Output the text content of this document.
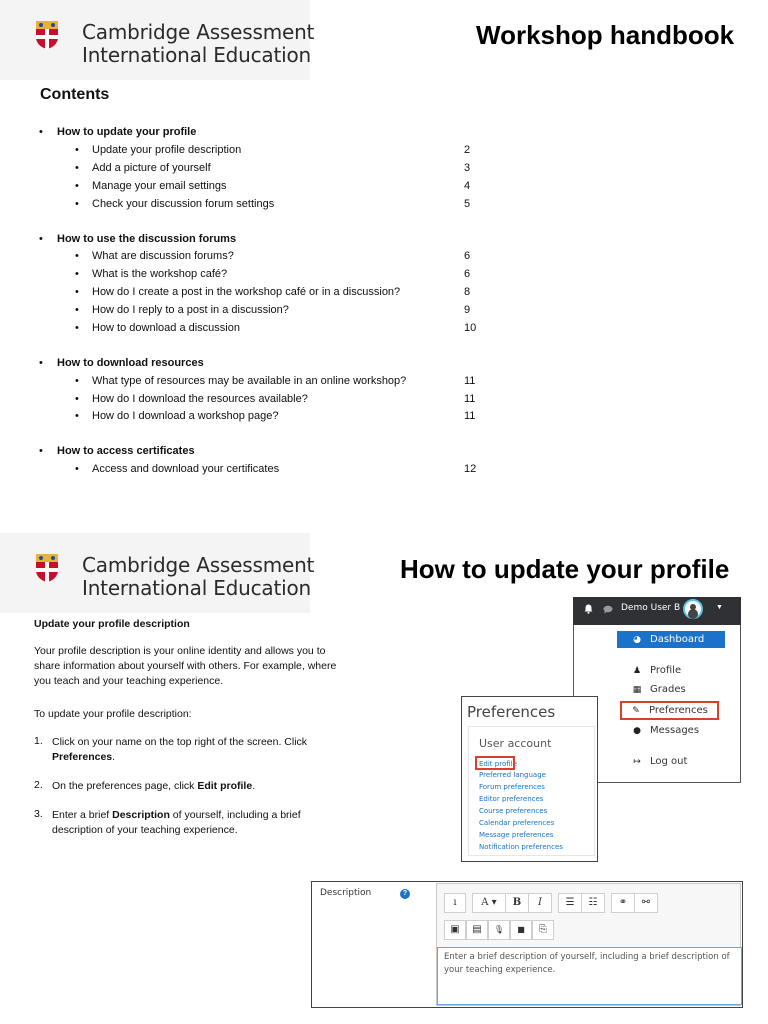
Cambridge Assessment
International Education
Workshop handbook
Contents
How to update your profile
•
• Update your profile description	2
• Add a picture of yourself	3
• Manage your email settings	4
• Check your discussion forum settings	5
• How to use the discussion forums
• What are discussion forums?	6
• What is the workshop café?	6
• How do I create a post in the workshop café or in a discussion?	8
• How do I reply to a post in a discussion?	9
• How to download a discussion	10
• How to download resources
• What type of resources may be available in an online workshop?	11
• How do I download the resources available?	11
• How do I download a workshop page?	11
• How to access certificates
• Access and download your certificates	12
Cambridge Assessment
International Education
How to update your profile
Update your profile description
Your profile description is your online identity and allows you to share information about yourself with others. For example, where you teach and your teaching experience.
To update your profile description:
1. Click on your name on the top right of the screen. Click Preferences.
2. On the preferences page, click Edit profile.
3. Enter a brief Description of yourself, including a brief description of your teaching experience.
Demo User B	▼
◕ Dashboard
♟ Profile
▦ Grades
✎ Preferences
● Messages
↦ Log out
Preferences
User account
Edit profile
Preferred language
Forum preferences
Editor preferences
Course preferences
Calendar preferences
Message preferences
Notification preferences
Description	?
ı	A ▾	B	I	☰	☷	⚭	⚯
▣	▤	🎙	■	⎘
Enter a brief description of yourself, including a brief description of your teaching experience.
